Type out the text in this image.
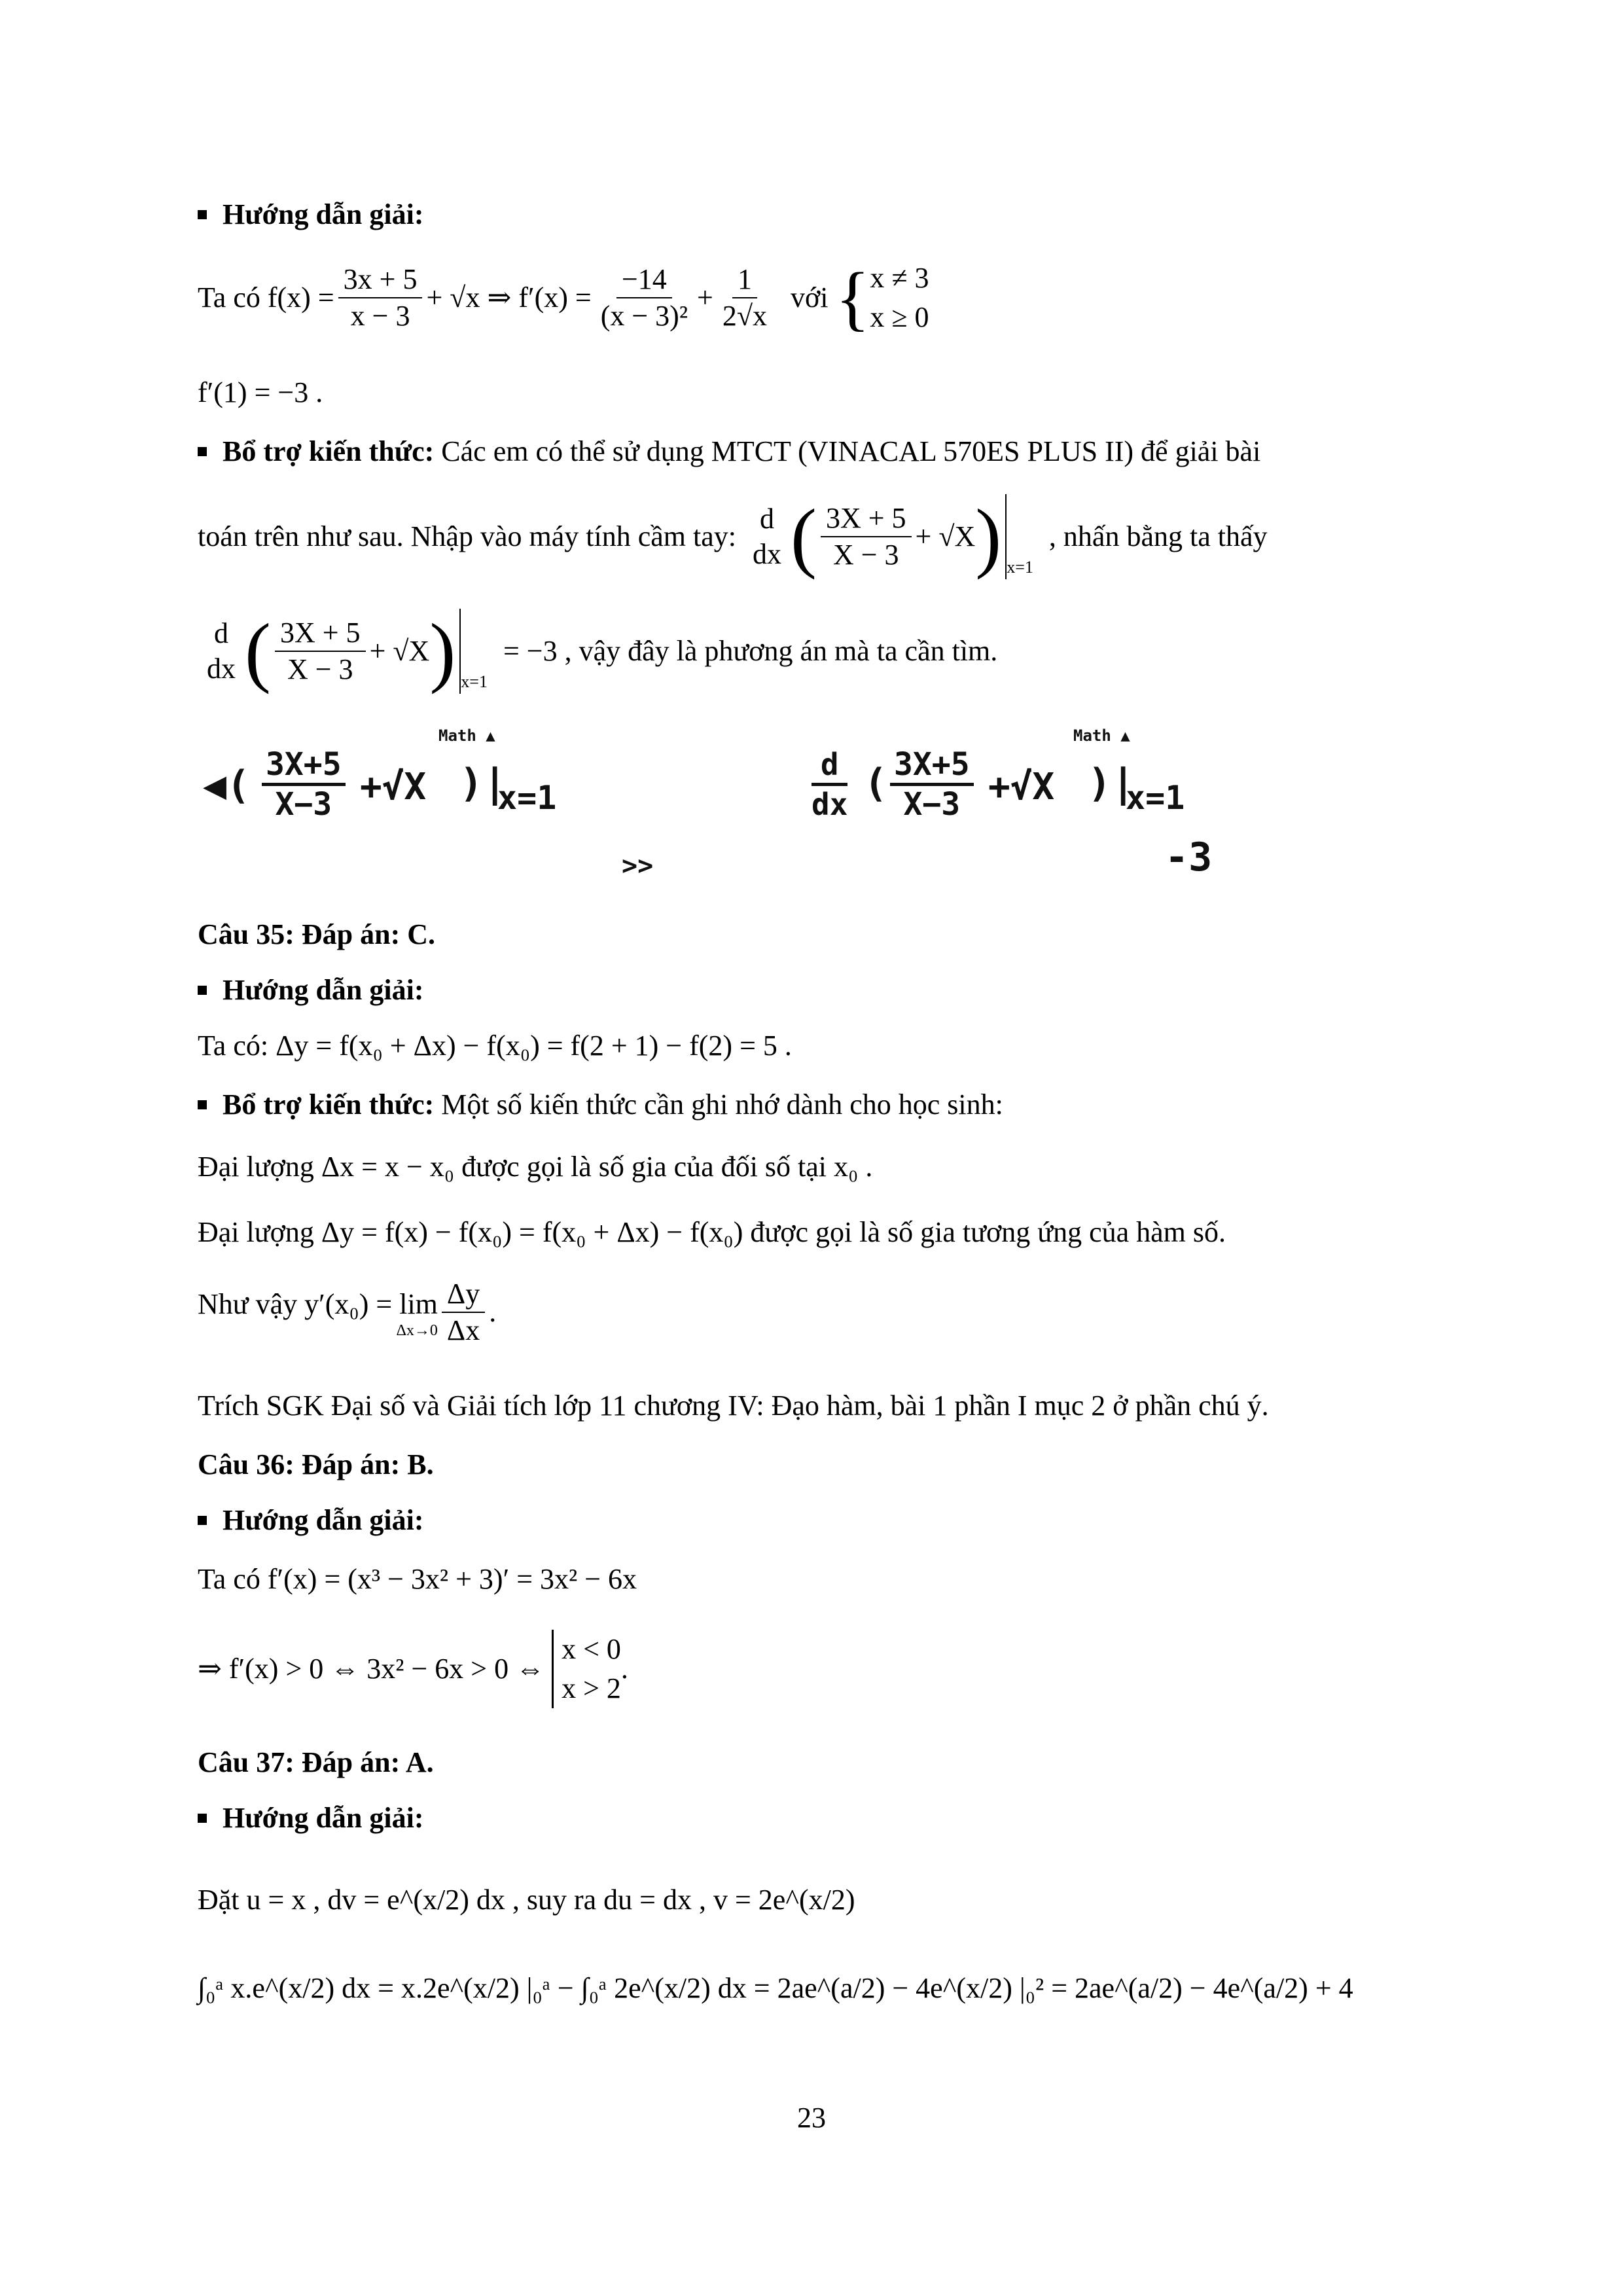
Hướng dẫn giải:
Ta có
$f(x) = \frac{3x + 5}{x - 3} + √x$ ⇒ $f'(x) = \frac{-14}{\text{(x − 3)²}} + \frac{1}{2√x}$
với
{ x ≠ 3
x ≥ 0
f′(1) = −3 .
Bổ trợ kiến thức: Các em có thể sử dụng MTCT (VINACAL 570ES PLUS II) để giải bài
toán trên như sau. Nhập vào máy tính cầm tay:

d
dx ( $\frac{3X + 5}{X - 3} + √X$ ) x=1
, nhấn bằng ta thấy
d
dx ( $\frac{3X + 5}{X - 3} + √X$ ) x=1
= −3 , vậy đây là phương án mà ta cần tìm.
Math ▲
◀( 3X+5
X−3 +√X )|
x=1
>>
Math ▲
d
dx ( 3X+5
X−3 +√X )|
x=1
-3
Câu 35: Đáp án: C.
Hướng dẫn giải:
Ta có: Δy = f(x₀ + Δx) − f(x₀) = f(2 + 1) − f(2) = 5 .
Bổ trợ kiến thức: Một số kiến thức cần ghi nhớ dành cho học sinh:
Đại lượng Δx = x − x₀ được gọi là số gia của đối số tại x₀ .
Đại lượng Δy = f(x) − f(x₀) = f(x₀ + Δx) − f(x₀) được gọi là số gia tương ứng của hàm số.
Như vậy y′(x₀) = lim
$\Delta x\to 0 \frac{\Delta y}{\Delta x}$ .
Trích SGK Đại số và Giải tích lớp 11 chương IV: Đạo hàm, bài 1 phần I mục 2 ở phần chú ý.
Câu 36: Đáp án: B.
Hướng dẫn giải:
Ta có f′(x) = (x³ − 3x² + 3)′ = 3x² − 6x
⇒ f′(x) > 0 ⇔ 3x² − 6x > 0 ⇔

x < 0
x > 2
.
Câu 37: Đáp án: A.
Hướng dẫn giải:
Đặt u = x , dv = e^(x/2) dx , suy ra du = dx , v = 2e^(x/2)
∫₀ᵃ x.e^(x/2) dx = x.2e^(x/2) |₀ᵃ − ∫₀ᵃ 2e^(x/2) dx = 2ae^(a/2) − 4e^(x/2) |₀² = 2ae^(a/2) − 4e^(a/2) + 4
23
